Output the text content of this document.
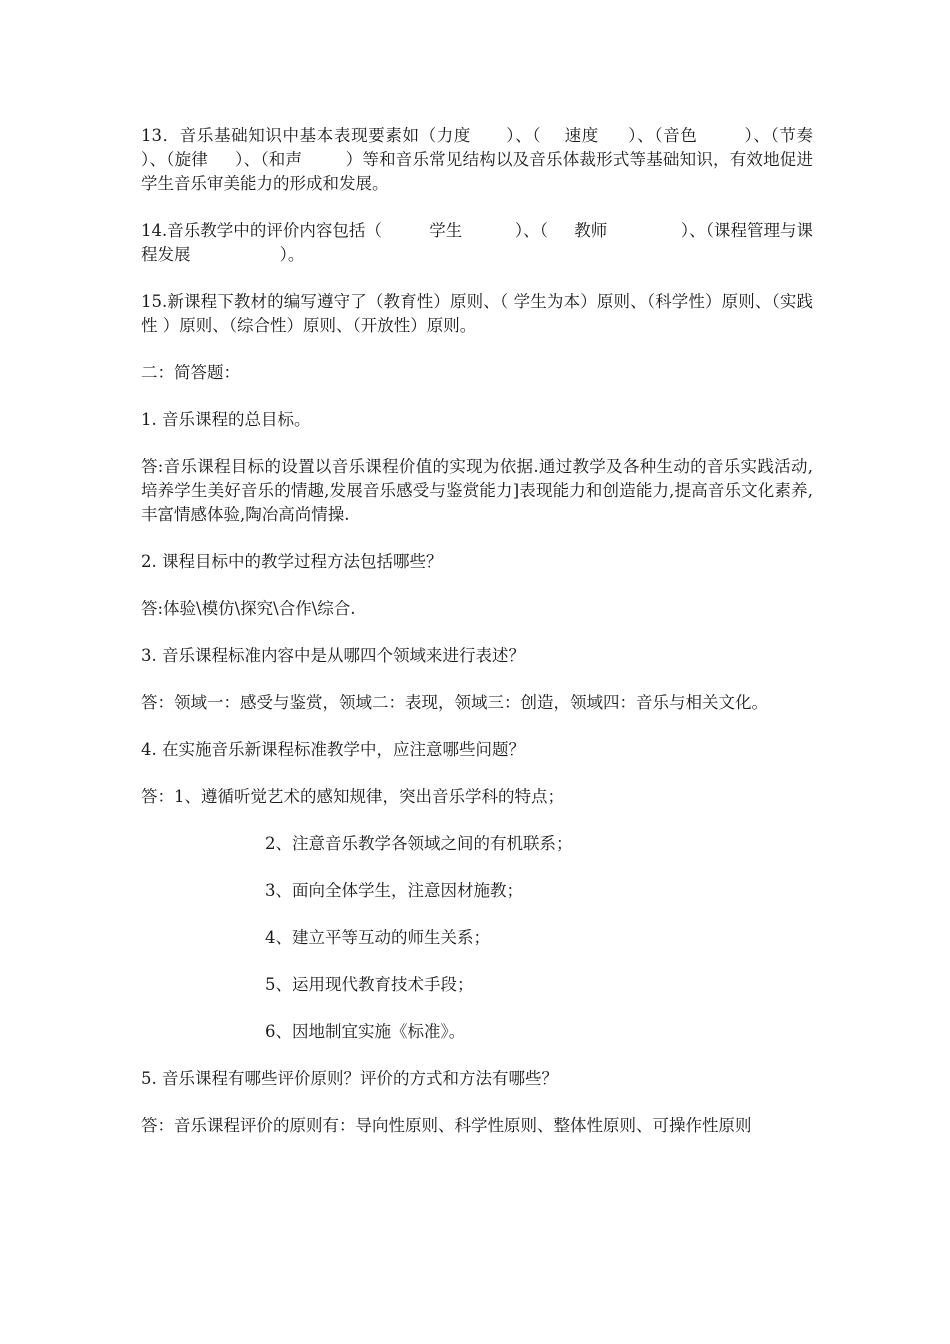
13．音乐基础知识中基本表现要素如（力度      ）、（    速度     ）、（音色        ）、（节奏    ）、（旋律     ）、（和声        ）等和音乐常见结构以及音乐体裁形式等基础知识，有效地促进学生音乐审美能力的形成和发展。

14.音乐教学中的评价内容包括（         学生          ）、（     教师              ）、（课程管理与课程发展                 ）。

15.新课程下教材的编写遵守了（教育性）原则、（ 学生为本）原则、（科学性）原则、（实践性 ）原则、（综合性）原则、（开放性）原则。

二：简答题：

1. 音乐课程的总目标。

答:音乐课程目标的设置以音乐课程价值的实现为依据.通过教学及各种生动的音乐实践活动,培养学生美好音乐的情趣,发展音乐感受与鉴赏能力]表现能力和创造能力,提高音乐文化素养,丰富情感体验,陶冶高尚情操.

2. 课程目标中的教学过程方法包括哪些？

答:体验\模仿\探究\合作\综合.

3. 音乐课程标准内容中是从哪四个领域来进行表述？

答：领域一：感受与鉴赏，领域二：表现，领域三：创造，领域四：音乐与相关文化。

4. 在实施音乐新课程标准教学中，应注意哪些问题？

答：1、遵循听觉艺术的感知规律，突出音乐学科的特点；

2、注意音乐教学各领域之间的有机联系；

3、面向全体学生，注意因材施教；

4、建立平等互动的师生关系；

5、运用现代教育技术手段；

6、因地制宜实施《标准》。

5. 音乐课程有哪些评价原则？评价的方式和方法有哪些？

答：音乐课程评价的原则有：导向性原则、科学性原则、整体性原则、可操作性原则
